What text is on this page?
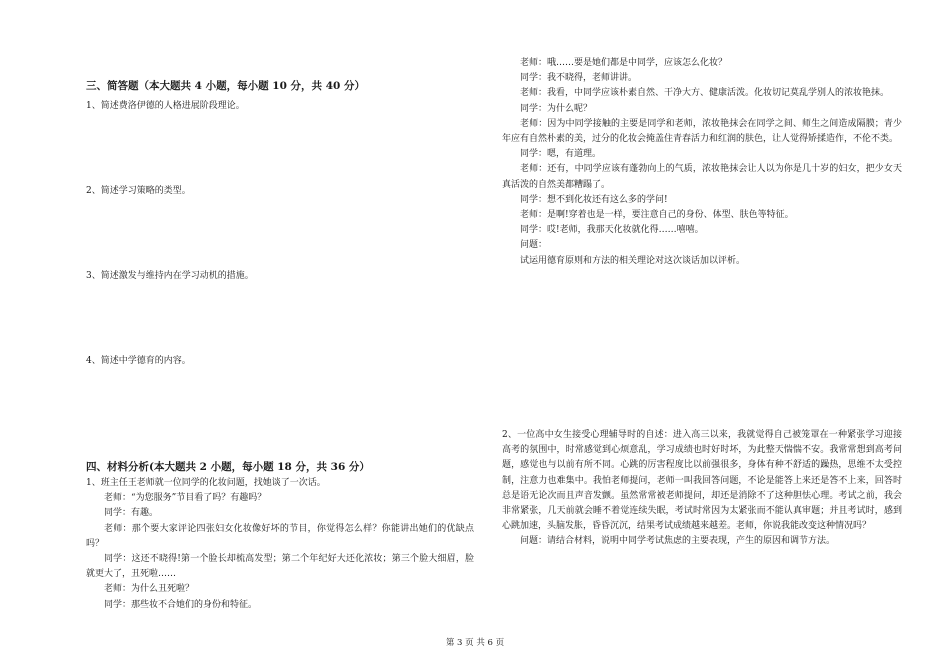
三、简答题（本大题共 4 小题，每小题 10 分，共 40 分）
1、简述费洛伊德的人格进展阶段理论。
2、简述学习策略的类型。
3、简述激发与维持内在学习动机的措施。
4、简述中学德育的内容。
四、材料分析(本大题共 2 小题，每小题 18 分，共 36 分）

1、班主任王老师就一位同学的化妆问题，找她谈了一次话。

老师：“为您服务”节目看了吗？有趣吗？

同学：有趣。

老师：那个要大家评论四张妇女化妆像好坏的节目，你觉得怎么样？你能讲出她们的优缺点吗？

同学：这还不晓得!第一个脸长却梳高发型；第二个年纪好大还化浓妆；第三个脸大细眉，脸就更大了，丑死啦……

老师：为什么丑死啦？

同学：那些妆不合她们的身份和特征。

老师：哦……要是她们都是中同学，应该怎么化妆？

同学：我不晓得，老师讲讲。

老师：我看，中同学应该朴素自然、干净大方、健康活泼。化妆切记莫乱学别人的浓妆艳抹。

同学：为什么呢？

老师：因为中同学接触的主要是同学和老师，浓妆艳抹会在同学之间、师生之间造成隔膜；青少年应有自然朴素的美，过分的化妆会掩盖住青春活力和红润的肤色，让人觉得矫揉造作，不伦不类。

同学：嗯，有道理。

老师：还有，中同学应该有蓬勃向上的气质，浓妆艳抹会让人以为你是几十岁的妇女，把少女天真活泼的自然美都糟蹋了。

同学：想不到化妆还有这么多的学问!

老师：是啊!穿着也是一样，要注意自己的身份、体型、肤色等特征。

同学：哎!老师，我那天化妆就化得……嘻嘻。

问题：

试运用德育原则和方法的相关理论对这次谈话加以评析。

2、一位高中女生接受心理辅导时的自述：进入高三以来，我就觉得自己被笼罩在一种紧张学习迎接高考的氛围中，时常感觉到心烦意乱，学习成绩也时好时坏，为此整天惴惴不安。我常常想到高考问题，感觉也与以前有所不同。心跳的厉害程度比以前强很多，身体有种不舒适的躁热，思维不太受控制，注意力也难集中。我怕老师提问，老师一叫我回答问题，不论是能答上来还是答不上来，回答时总是语无论次而且声音发颤。虽然常常被老师提问，却还是消除不了这种胆怯心理。考试之前，我会非常紧张，几天前就会睡不着觉连续失眠，考试时常因为太紧张而不能认真审题；并且考试时，感到心跳加速，头脑发胀，昏昏沉沉，结果考试成绩越来越差。老师，你说我能改变这种情况吗？

问题：请结合材料，说明中同学考试焦虑的主要表现，产生的原因和调节方法。

第 3 页 共 6 页
